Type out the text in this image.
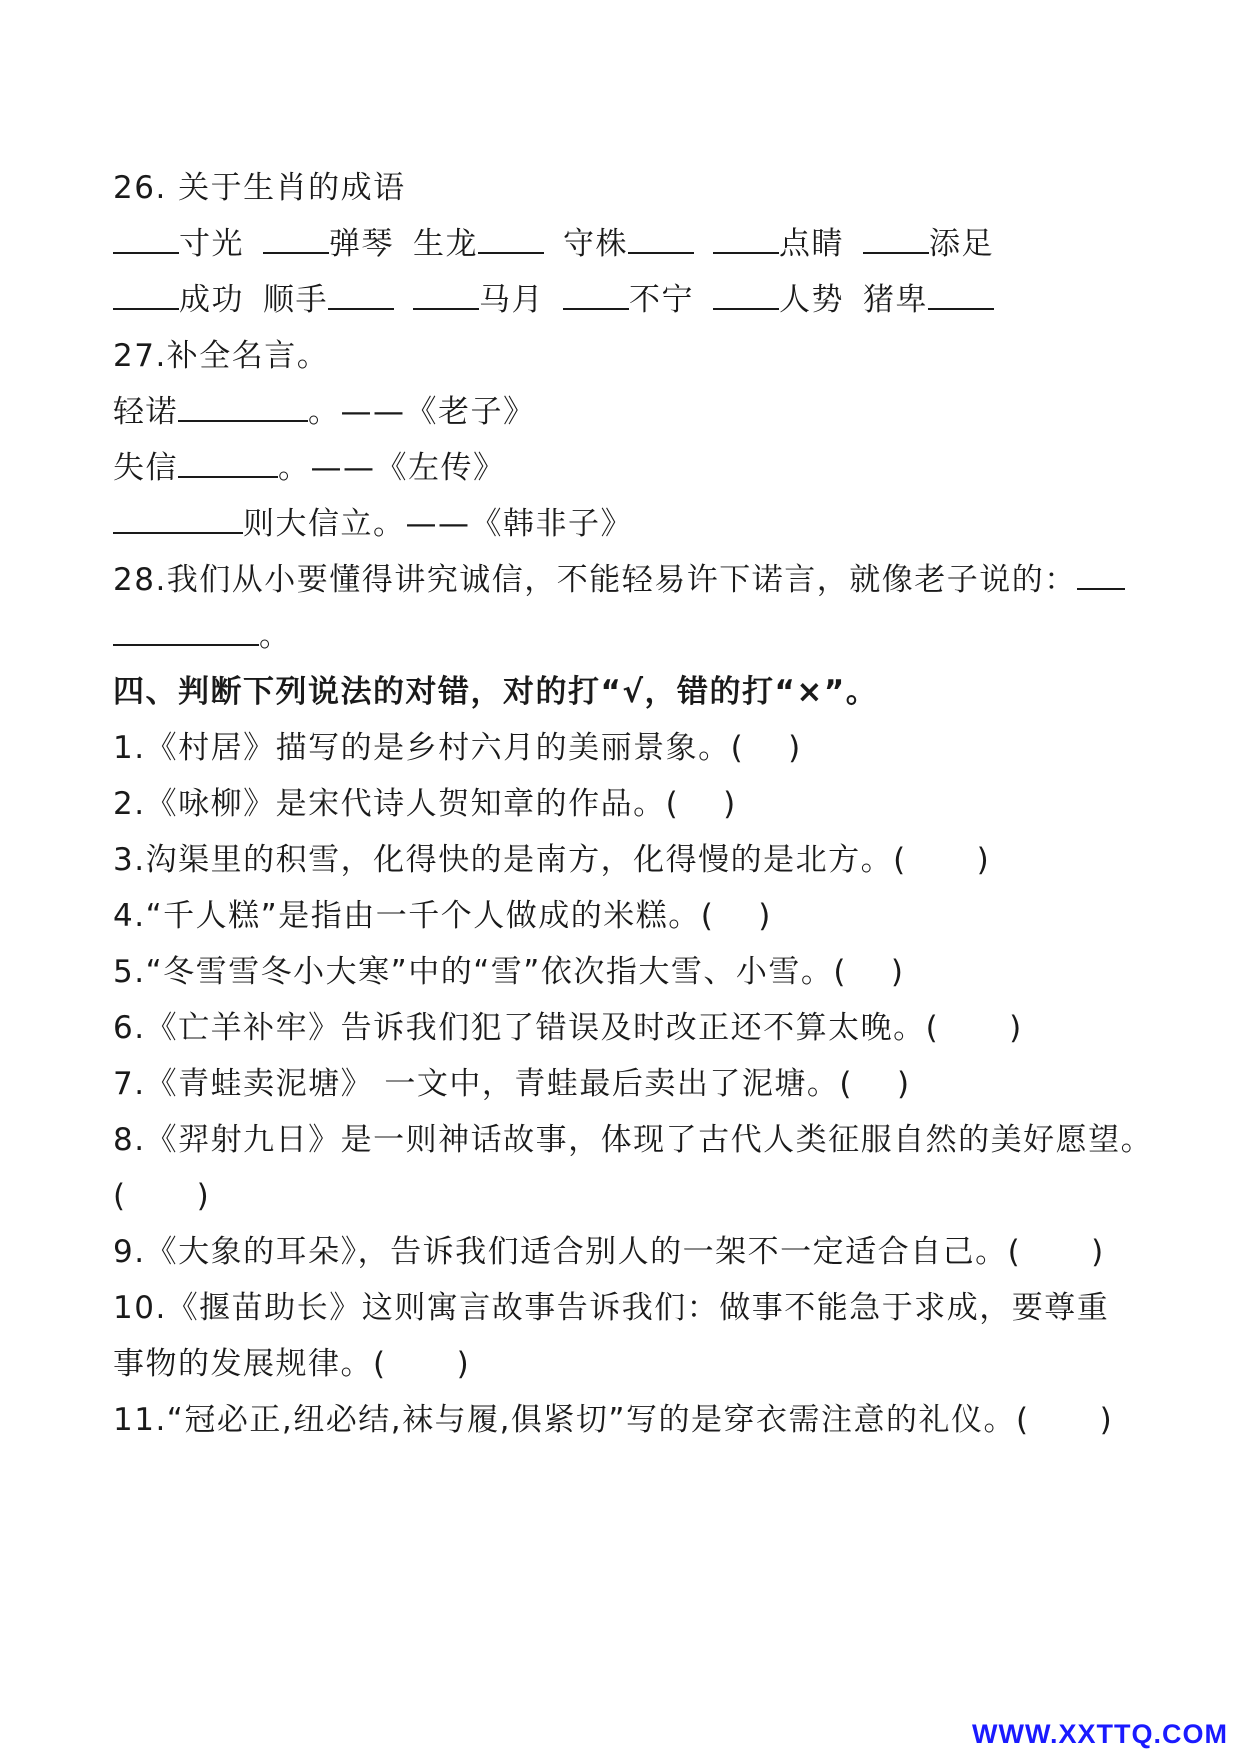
26. 关于生肖的成语
寸光	弹琴 生龙	守株	点睛	添足
成功 顺手	马月	不宁	人势 猪卑
27.补全名言。
轻诺	。——《老子》
失信	。——《左传》
则大信立。——《韩非子》
28.我们从小要懂得讲究诚信，不能轻易许下诺言，就像老子说的：
。
四、判断下列说法的对错，对的打“√，错的打“×”。
1.《村居》描写的是乡村六月的美丽景象。( )
2.《咏柳》是宋代诗人贺知章的作品。( )
3.沟渠里的积雪，化得快的是南方，化得慢的是北方。( )
4.“千人糕”是指由一千个人做成的米糕。( )
5.“冬雪雪冬小大寒”中的“雪”依次指大雪、小雪。( )
6.《亡羊补牢》告诉我们犯了错误及时改正还不算太晚。( )
7.《青蛙卖泥塘》 一文中，青蛙最后卖出了泥塘。( )
8.《羿射九日》是一则神话故事，体现了古代人类征服自然的美好愿望。
( )
9.《大象的耳朵》，告诉我们适合别人的一架不一定适合自己。( )
10.《揠苗助长》这则寓言故事告诉我们：做事不能急于求成，要尊重
事物的发展规律。( )
11.“冠必正,纽必结,袜与履,俱紧切”写的是穿衣需注意的礼仪。( )
WWW.XXTTQ.COM
